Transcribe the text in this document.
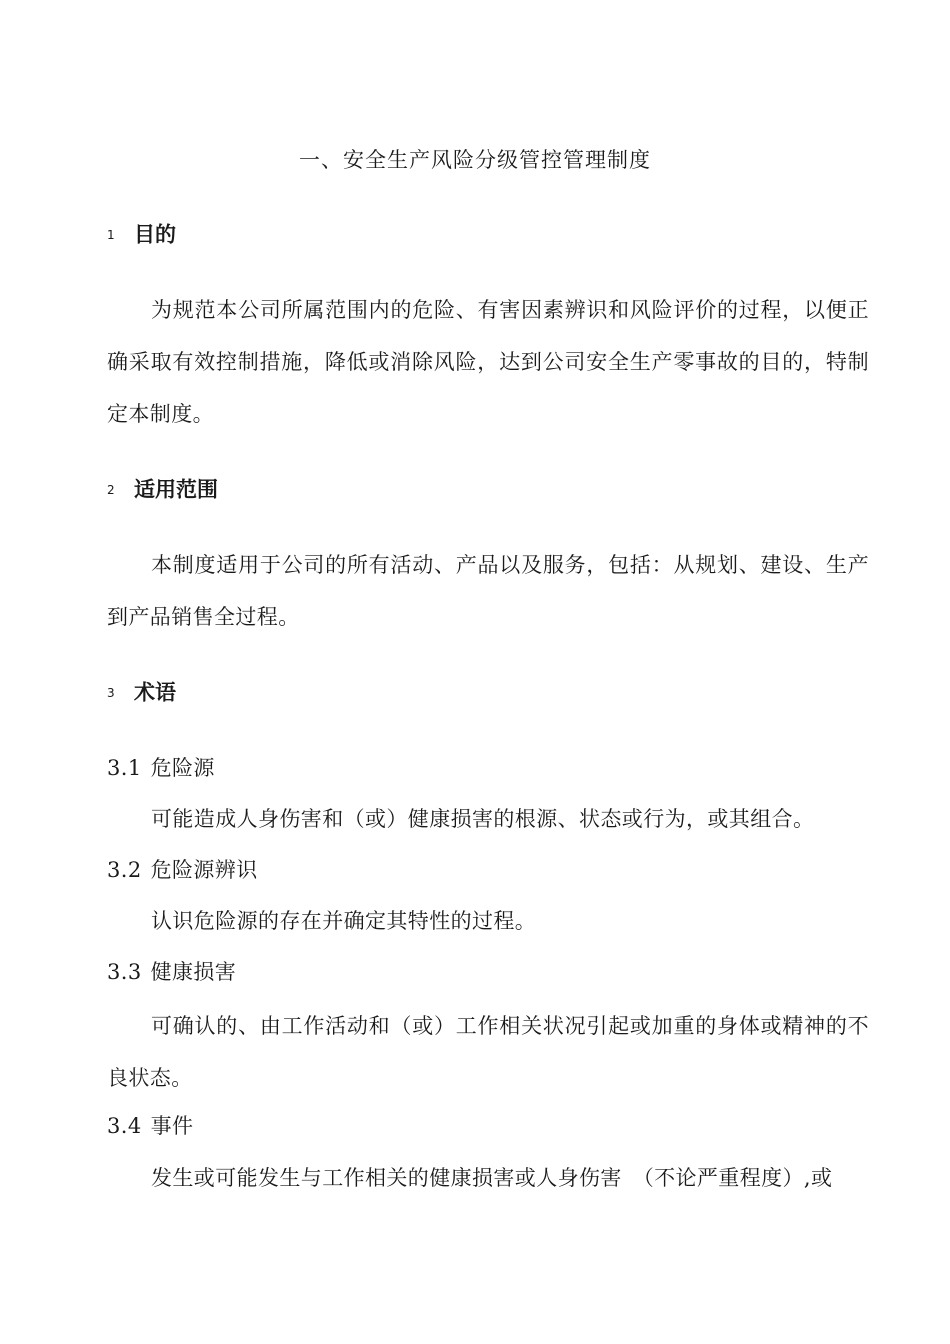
一、安全生产风险分级管控管理制度
1 目的

为规范本公司所属范围内的危险、有害因素辨识和风险评价的过程，以便正确采取有效控制措施，降低或消除风险，达到公司安全生产零事故的目的，特制定本制度。

2 适用范围

本制度适用于公司的所有活动、产品以及服务，包括：从规划、建设、生产到产品销售全过程。

3 术语
3.1 危险源

可能造成人身伤害和（或）健康损害的根源、状态或行为，或其组合。

3.2 危险源辨识

认识危险源的存在并确定其特性的过程。

3.3 健康损害

可确认的、由工作活动和（或）工作相关状况引起或加重的身体或精神的不良状态。

3.4 事件

发生或可能发生与工作相关的健康损害或人身伤害　（不论严重程度）,或
